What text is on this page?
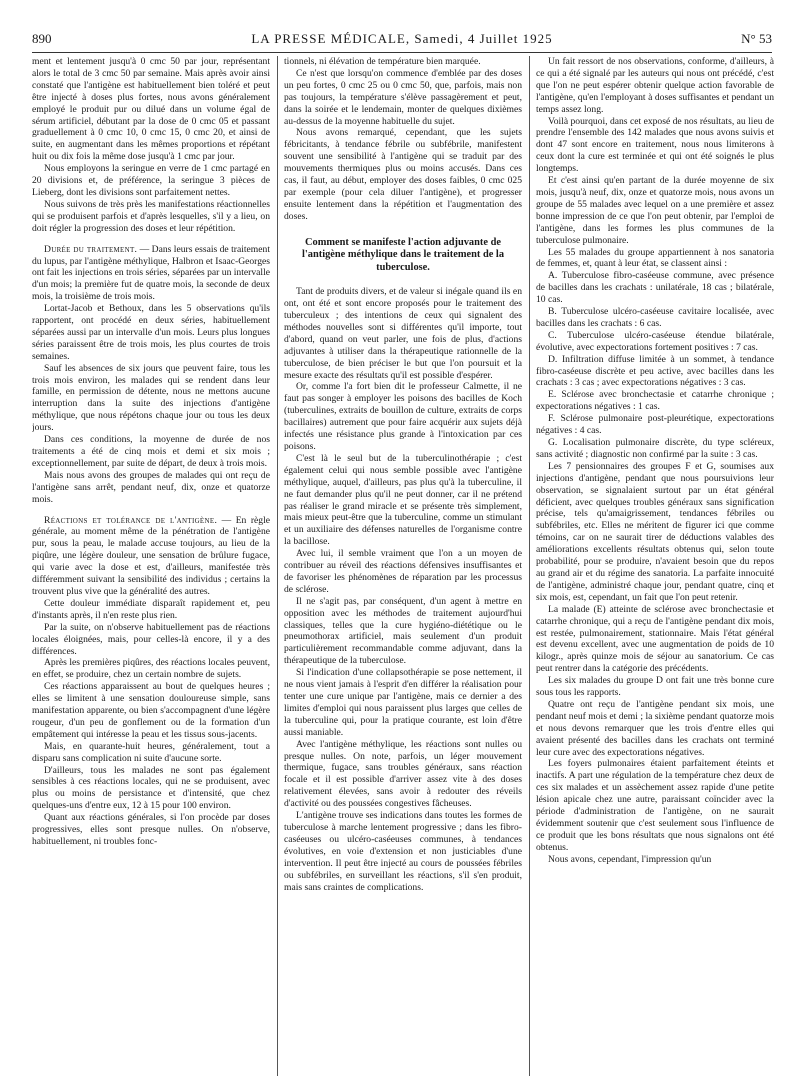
890	LA PRESSE MÉDICALE, Samedi, 4 Juillet 1925	N° 53

ment et lentement jusqu'à 0 cmc 50 par jour, représentant alors le total de 3 cmc 50 par semaine. Mais après avoir ainsi constaté que l'antigène est habituellement bien toléré et peut être injecté à doses plus fortes, nous avons généralement employé le produit pur ou dilué dans un volume égal de sérum artificiel, débutant par la dose de 0 cmc 05 et passant graduellement à 0 cmc 10, 0 cmc 15, 0 cmc 20, et ainsi de suite, en augmentant dans les mêmes proportions et répétant huit ou dix fois la même dose jusqu'à 1 cmc par jour.

Nous employons la seringue en verre de 1 cmc partagé en 20 divisions et, de préférence, la seringue 3 pièces de Lieberg, dont les divisions sont parfaitement nettes.

Nous suivons de très près les manifestations réactionnelles qui se produisent parfois et d'après lesquelles, s'il y a lieu, on doit régler la progression des doses et leur répétition.

Durée du traitement. — Dans leurs essais de traitement du lupus, par l'antigène méthylique, Halbron et Isaac-Georges ont fait les injections en trois séries, séparées par un intervalle d'un mois; la première fut de quatre mois, la seconde de deux mois, la troisième de trois mois.

Lortat-Jacob et Bethoux, dans les 5 observations qu'ils rapportent, ont procédé en deux séries, habituellement séparées aussi par un intervalle d'un mois. Leurs plus longues séries paraissent être de trois mois, les plus courtes de trois semaines.

Sauf les absences de six jours que peuvent faire, tous les trois mois environ, les malades qui se rendent dans leur famille, en permission de détente, nous ne mettons aucune interruption dans la suite des injections d'antigène méthylique, que nous répétons chaque jour ou tous les deux jours.

Dans ces conditions, la moyenne de durée de nos traitements a été de cinq mois et demi et six mois ; exceptionnellement, par suite de départ, de deux à trois mois.

Mais nous avons des groupes de malades qui ont reçu de l'antigène sans arrêt, pendant neuf, dix, onze et quatorze mois.

Réactions et tolérance de l'antigène. — En règle générale, au moment même de la pénétration de l'antigène pur, sous la peau, le malade accuse toujours, au lieu de la piqûre, une légère douleur, une sensation de brûlure fugace, qui varie avec la dose et est, d'ailleurs, manifestée très différemment suivant la sensibilité des individus ; certains la trouvent plus vive que la généralité des autres.

Cette douleur immédiate disparaît rapidement et, peu d'instants après, il n'en reste plus rien.

Par la suite, on n'observe habituellement pas de réactions locales éloignées, mais, pour celles-là encore, il y a des différences.

Après les premières piqûres, des réactions locales peuvent, en effet, se produire, chez un certain nombre de sujets.

Ces réactions apparaissent au bout de quelques heures ; elles se limitent à une sensation douloureuse simple, sans manifestation apparente, ou bien s'accompagnent d'une légère rougeur, d'un peu de gonflement ou de la formation d'un empâtement qui intéresse la peau et les tissus sous-jacents.

Mais, en quarante-huit heures, généralement, tout a disparu sans complication ni suite d'aucune sorte.

D'ailleurs, tous les malades ne sont pas également sensibles à ces réactions locales, qui ne se produisent, avec plus ou moins de persistance et d'intensité, que chez quelques-uns d'entre eux, 12 à 15 pour 100 environ.

Quant aux réactions générales, si l'on procède par doses progressives, elles sont presque nulles. On n'observe, habituellement, ni troubles fonc-

tionnels, ni élévation de température bien marquée.

Ce n'est que lorsqu'on commence d'emblée par des doses un peu fortes, 0 cmc 25 ou 0 cmc 50, que, parfois, mais non pas toujours, la température s'élève passagèrement et peut, dans la soirée et le lendemain, monter de quelques dixièmes au-dessus de la moyenne habituelle du sujet.

Nous avons remarqué, cependant, que les sujets fébricitants, à tendance fébrile ou subfébrile, manifestent souvent une sensibilité à l'antigène qui se traduit par des mouvements thermiques plus ou moins accusés. Dans ces cas, il faut, au début, employer des doses faibles, 0 cmc 025 par exemple (pour cela diluer l'antigène), et progresser ensuite lentement dans la répétition et l'augmentation des doses.

Comment se manifeste l'action adjuvante de l'antigène méthylique dans le traitement de la tuberculose.

Tant de produits divers, et de valeur si inégale quand ils en ont, ont été et sont encore proposés pour le traitement des tuberculeux ; des intentions de ceux qui signalent des méthodes nouvelles sont si différentes qu'il importe, tout d'abord, quand on veut parler, une fois de plus, d'actions adjuvantes à utiliser dans la thérapeutique rationnelle de la tuberculose, de bien préciser le but que l'on poursuit et la mesure exacte des résultats qu'il est possible d'espérer.

Or, comme l'a fort bien dit le professeur Calmette, il ne faut pas songer à employer les poisons des bacilles de Koch (tuberculines, extraits de bouillon de culture, extraits de corps bacillaires) autrement que pour faire acquérir aux sujets déjà infectés une résistance plus grande à l'intoxication par ces poisons.

C'est là le seul but de la tuberculinothérapie ; c'est également celui qui nous semble possible avec l'antigène méthylique, auquel, d'ailleurs, pas plus qu'à la tuberculine, il ne faut demander plus qu'il ne peut donner, car il ne prétend pas réaliser le grand miracle et se présente très simplement, mais mieux peut-être que la tuberculine, comme un stimulant et un auxiliaire des défenses naturelles de l'organisme contre la bacillose.

Avec lui, il semble vraiment que l'on a un moyen de contribuer au réveil des réactions défensives insuffisantes et de favoriser les phénomènes de réparation par les processus de sclérose.

Il ne s'agit pas, par conséquent, d'un agent à mettre en opposition avec les méthodes de traitement aujourd'hui classiques, telles que la cure hygiéno-diététique ou le pneumothorax artificiel, mais seulement d'un produit particulièrement recommandable comme adjuvant, dans la thérapeutique de la tuberculose.

Si l'indication d'une collapsothérapie se pose nettement, il ne nous vient jamais à l'esprit d'en différer la réalisation pour tenter une cure unique par l'antigène, mais ce dernier a des limites d'emploi qui nous paraissent plus larges que celles de la tuberculine qui, pour la pratique courante, est loin d'être aussi maniable.

Avec l'antigène méthylique, les réactions sont nulles ou presque nulles. On note, parfois, un léger mouvement thermique, fugace, sans troubles généraux, sans réaction focale et il est possible d'arriver assez vite à des doses relativement élevées, sans avoir à redouter des réveils d'activité ou des poussées congestives fâcheuses.

L'antigène trouve ses indications dans toutes les formes de tuberculose à marche lentement progressive ; dans les fibro-caséeuses ou ulcéro-caséeuses communes, à tendances évolutives, en voie d'extension et non justiciables d'une intervention. Il peut être injecté au cours de poussées fébriles ou subfébriles, en surveillant les réactions, s'il s'en produit, mais sans craintes de complications.

Un fait ressort de nos observations, conforme, d'ailleurs, à ce qui a été signalé par les auteurs qui nous ont précédé, c'est que l'on ne peut espérer obtenir quelque action favorable de l'antigène, qu'en l'employant à doses suffisantes et pendant un temps assez long.

Voilà pourquoi, dans cet exposé de nos résultats, au lieu de prendre l'ensemble des 142 malades que nous avons suivis et dont 47 sont encore en traitement, nous nous limiterons à ceux dont la cure est terminée et qui ont été soignés le plus longtemps.

Et c'est ainsi qu'en partant de la durée moyenne de six mois, jusqu'à neuf, dix, onze et quatorze mois, nous avons un groupe de 55 malades avec lequel on a une première et assez bonne impression de ce que l'on peut obtenir, par l'emploi de l'antigène, dans les formes les plus communes de la tuberculose pulmonaire.

Les 55 malades du groupe appartiennent à nos sanatoria de femmes, et, quant à leur état, se classent ainsi :

A. Tuberculose fibro-caséeuse commune, avec présence de bacilles dans les crachats : unilatérale, 18 cas ; bilatérale, 10 cas.

B. Tuberculose ulcéro-caséeuse cavitaire localisée, avec bacilles dans les crachats : 6 cas.

C. Tuberculose ulcéro-caséeuse étendue bilatérale, évolutive, avec expectorations fortement positives : 7 cas.

D. Infiltration diffuse limitée à un sommet, à tendance fibro-caséeuse discrète et peu active, avec bacilles dans les crachats : 3 cas ; avec expectorations négatives : 3 cas.

E. Sclérose avec bronchectasie et catarrhe chronique ; expectorations négatives : 1 cas.

F. Sclérose pulmonaire post-pleurétique, expectorations négatives : 4 cas.

G. Localisation pulmonaire discrète, du type scléreux, sans activité ; diagnostic non confirmé par la suite : 3 cas.

Les 7 pensionnaires des groupes F et G, soumises aux injections d'antigène, pendant que nous poursuivions leur observation, se signalaient surtout par un état général déficient, avec quelques troubles généraux sans signification précise, tels qu'amaigrissement, tendances fébriles ou subfébriles, etc. Elles ne méritent de figurer ici que comme témoins, car on ne saurait tirer de déductions valables des améliorations excellents résultats obtenus qui, selon toute probabilité, pour se produire, n'avaient besoin que du repos au grand air et du régime des sanatoria. La parfaite innocuité de l'antigène, administré chaque jour, pendant quatre, cinq et six mois, est, cependant, un fait que l'on peut retenir.

La malade (E) atteinte de sclérose avec bronchectasie et catarrhe chronique, qui a reçu de l'antigène pendant dix mois, est restée, pulmonairement, stationnaire. Mais l'état général est devenu excellent, avec une augmentation de poids de 10 kilogr., après quinze mois de séjour au sanatorium. Ce cas peut rentrer dans la catégorie des précédents.

Les six malades du groupe D ont fait une très bonne cure sous tous les rapports.

Quatre ont reçu de l'antigène pendant six mois, une pendant neuf mois et demi ; la sixième pendant quatorze mois et nous devons remarquer que les trois d'entre elles qui avaient présenté des bacilles dans les crachats ont terminé leur cure avec des expectorations négatives.

Les foyers pulmonaires étaient parfaitement éteints et inactifs. A part une régulation de la température chez deux de ces six malades et un assèchement assez rapide d'une petite lésion apicale chez une autre, paraissant coïncider avec la période d'administration de l'antigène, on ne saurait évidemment soutenir que c'est seulement sous l'influence de ce produit que les bons résultats que nous signalons ont été obtenus.

Nous avons, cependant, l'impression qu'un
